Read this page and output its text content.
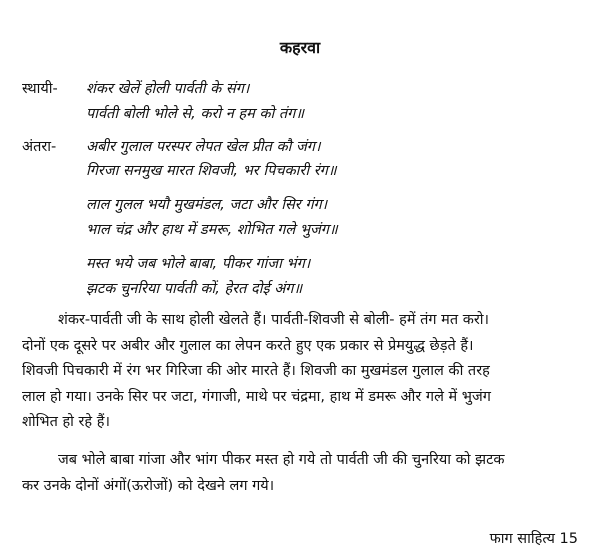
कहरवा
स्थायी- शंकर खेलें होली पार्वती के संग।
पार्वती बोली भोले से, करो न हम को तंग॥
अंतरा- अबीर गुलाल परस्पर लेपत खेल प्रीत कौ जंग।
गिरजा सनमुख मारत शिवजी, भर पिचकारी रंग॥
लाल गुलल भयौ मुखमंडल, जटा और सिर गंग।
भाल चंद्र और हाथ में डमरू, शोभित गले भुजंग॥
मस्त भये जब भोले बाबा, पीकर गांजा भंग।
झटक चुनरिया पार्वती कों, हेरत दोई अंग॥
शंकर-पार्वती जी के साथ होली खेलते हैं। पार्वती-शिवजी से बोली- हमें तंग मत करो।
दोनों एक दूसरे पर अबीर और गुलाल का लेपन करते हुए एक प्रकार से प्रेमयुद्ध छेड़ते हैं।
शिवजी पिचकारी में रंग भर गिरिजा की ओर मारते हैं। शिवजी का मुखमंडल गुलाल की तरह
लाल हो गया। उनके सिर पर जटा, गंगाजी, माथे पर चंद्रमा, हाथ में डमरू और गले में भुजंग
शोभित हो रहे हैं।
जब भोले बाबा गांजा और भांग पीकर मस्त हो गये तो पार्वती जी की चुनरिया को झटक
कर उनके दोनों अंगों(ऊरोजों) को देखने लग गये।
फाग साहित्य 15
